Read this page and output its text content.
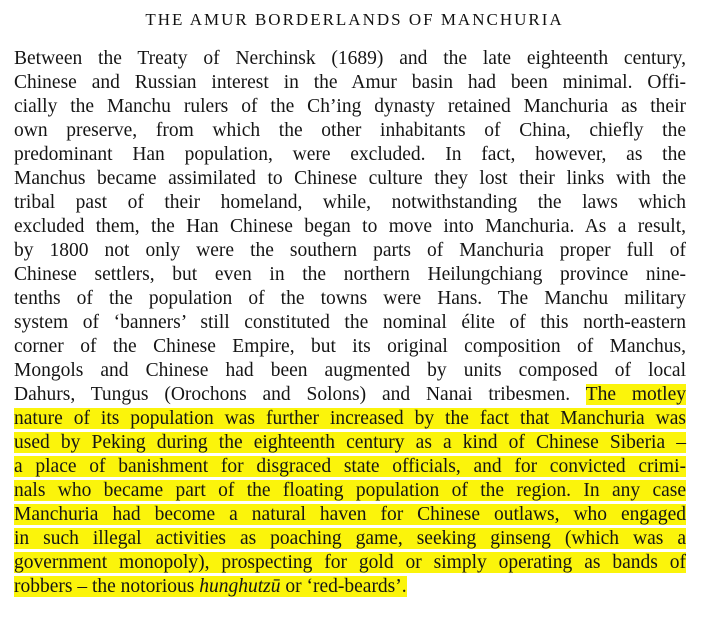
THE AMUR BORDERLANDS OF MANCHURIA
Between the Treaty of Nerchinsk (1689) and the late eighteenth century,
Chinese and Russian interest in the Amur basin had been minimal. Offi-
cially the Manchu rulers of the Ch’ing dynasty retained Manchuria as their
own preserve, from which the other inhabitants of China, chiefly the
predominant Han population, were excluded. In fact, however, as the
Manchus became assimilated to Chinese culture they lost their links with the
tribal past of their homeland, while, notwithstanding the laws which
excluded them, the Han Chinese began to move into Manchuria. As a result,
by 1800 not only were the southern parts of Manchuria proper full of
Chinese settlers, but even in the northern Heilungchiang province nine-
tenths of the population of the towns were Hans. The Manchu military
system of ‘banners’ still constituted the nominal élite of this north-eastern
corner of the Chinese Empire, but its original composition of Manchus,
Mongols and Chinese had been augmented by units composed of local
Dahurs, Tungus (Orochons and Solons) and Nanai tribesmen. The motley
nature of its population was further increased by the fact that Manchuria was
used by Peking during the eighteenth century as a kind of Chinese Siberia –
a place of banishment for disgraced state officials, and for convicted crimi-
nals who became part of the floating population of the region. In any case
Manchuria had become a natural haven for Chinese outlaws, who engaged
in such illegal activities as poaching game, seeking ginseng (which was a
government monopoly), prospecting for gold or simply operating as bands of
robbers – the notorious hunghutzū or ‘red-beards’.
